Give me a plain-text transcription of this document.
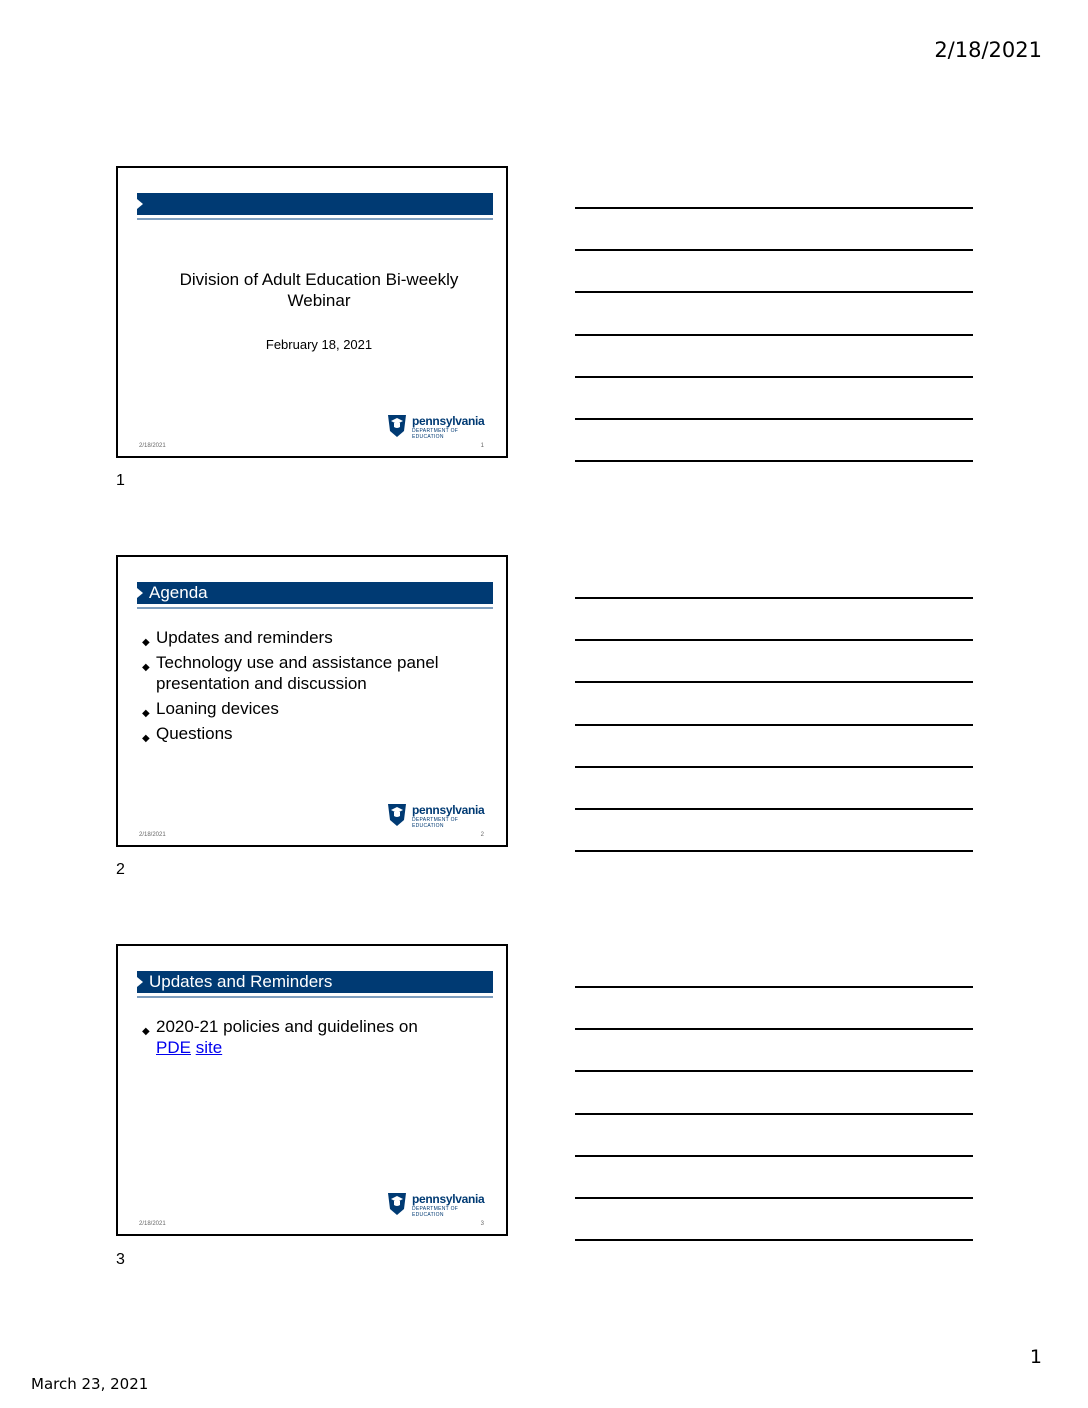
2/18/2021
Division of Adult Education Bi-weekly Webinar
February 18, 2021
pennsylvania
DEPARTMENT OF EDUCATION
2/18/2021	1
1
Agenda
◆ Updates and reminders
◆ Technology use and assistance panel presentation and discussion
◆ Loaning devices
◆ Questions
pennsylvania
DEPARTMENT OF EDUCATION
2/18/2021	2
2
Updates and Reminders
◆ 2020-21 policies and guidelines on
PDE site
pennsylvania
DEPARTMENT OF EDUCATION
2/18/2021	3
3
1
March 23, 2021
